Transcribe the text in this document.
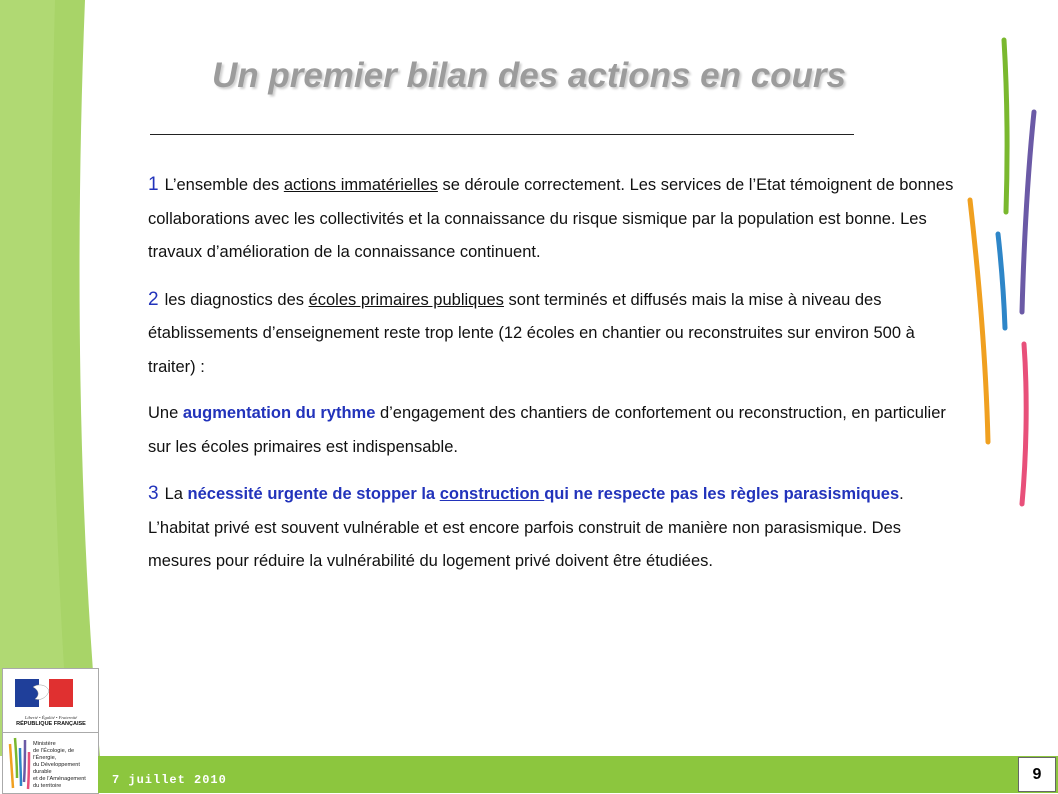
Un premier bilan des actions en cours

1 L’ensemble des actions immatérielles se déroule correctement. Les services de l’Etat témoignent de bonnes collaborations avec les collectivités et la connaissance du risque sismique par la population est bonne. Les travaux d’amélioration de la connaissance continuent.

2 les diagnostics des écoles primaires publiques sont terminés et diffusés mais la mise à niveau des établissements d’enseignement reste trop lente (12 écoles en chantier ou reconstruites sur environ 500 à traiter) :

Une augmentation du rythme d’engagement des chantiers de confortement ou reconstruction, en particulier sur les écoles primaires est indispensable.

3 La nécessité urgente de stopper la construction qui ne respecte pas les règles parasismiques. L’habitat privé est souvent vulnérable et est encore parfois construit de manière non parasismique. Des mesures pour réduire la vulnérabilité du logement privé doivent être étudiées.

Liberté • Égalité • Fraternité
RÉPUBLIQUE FRANÇAISE
Ministère
de l’Écologie, de l’Énergie,
du Développement durable
et de l’Aménagement
du territoire	7 juillet 2010	9
